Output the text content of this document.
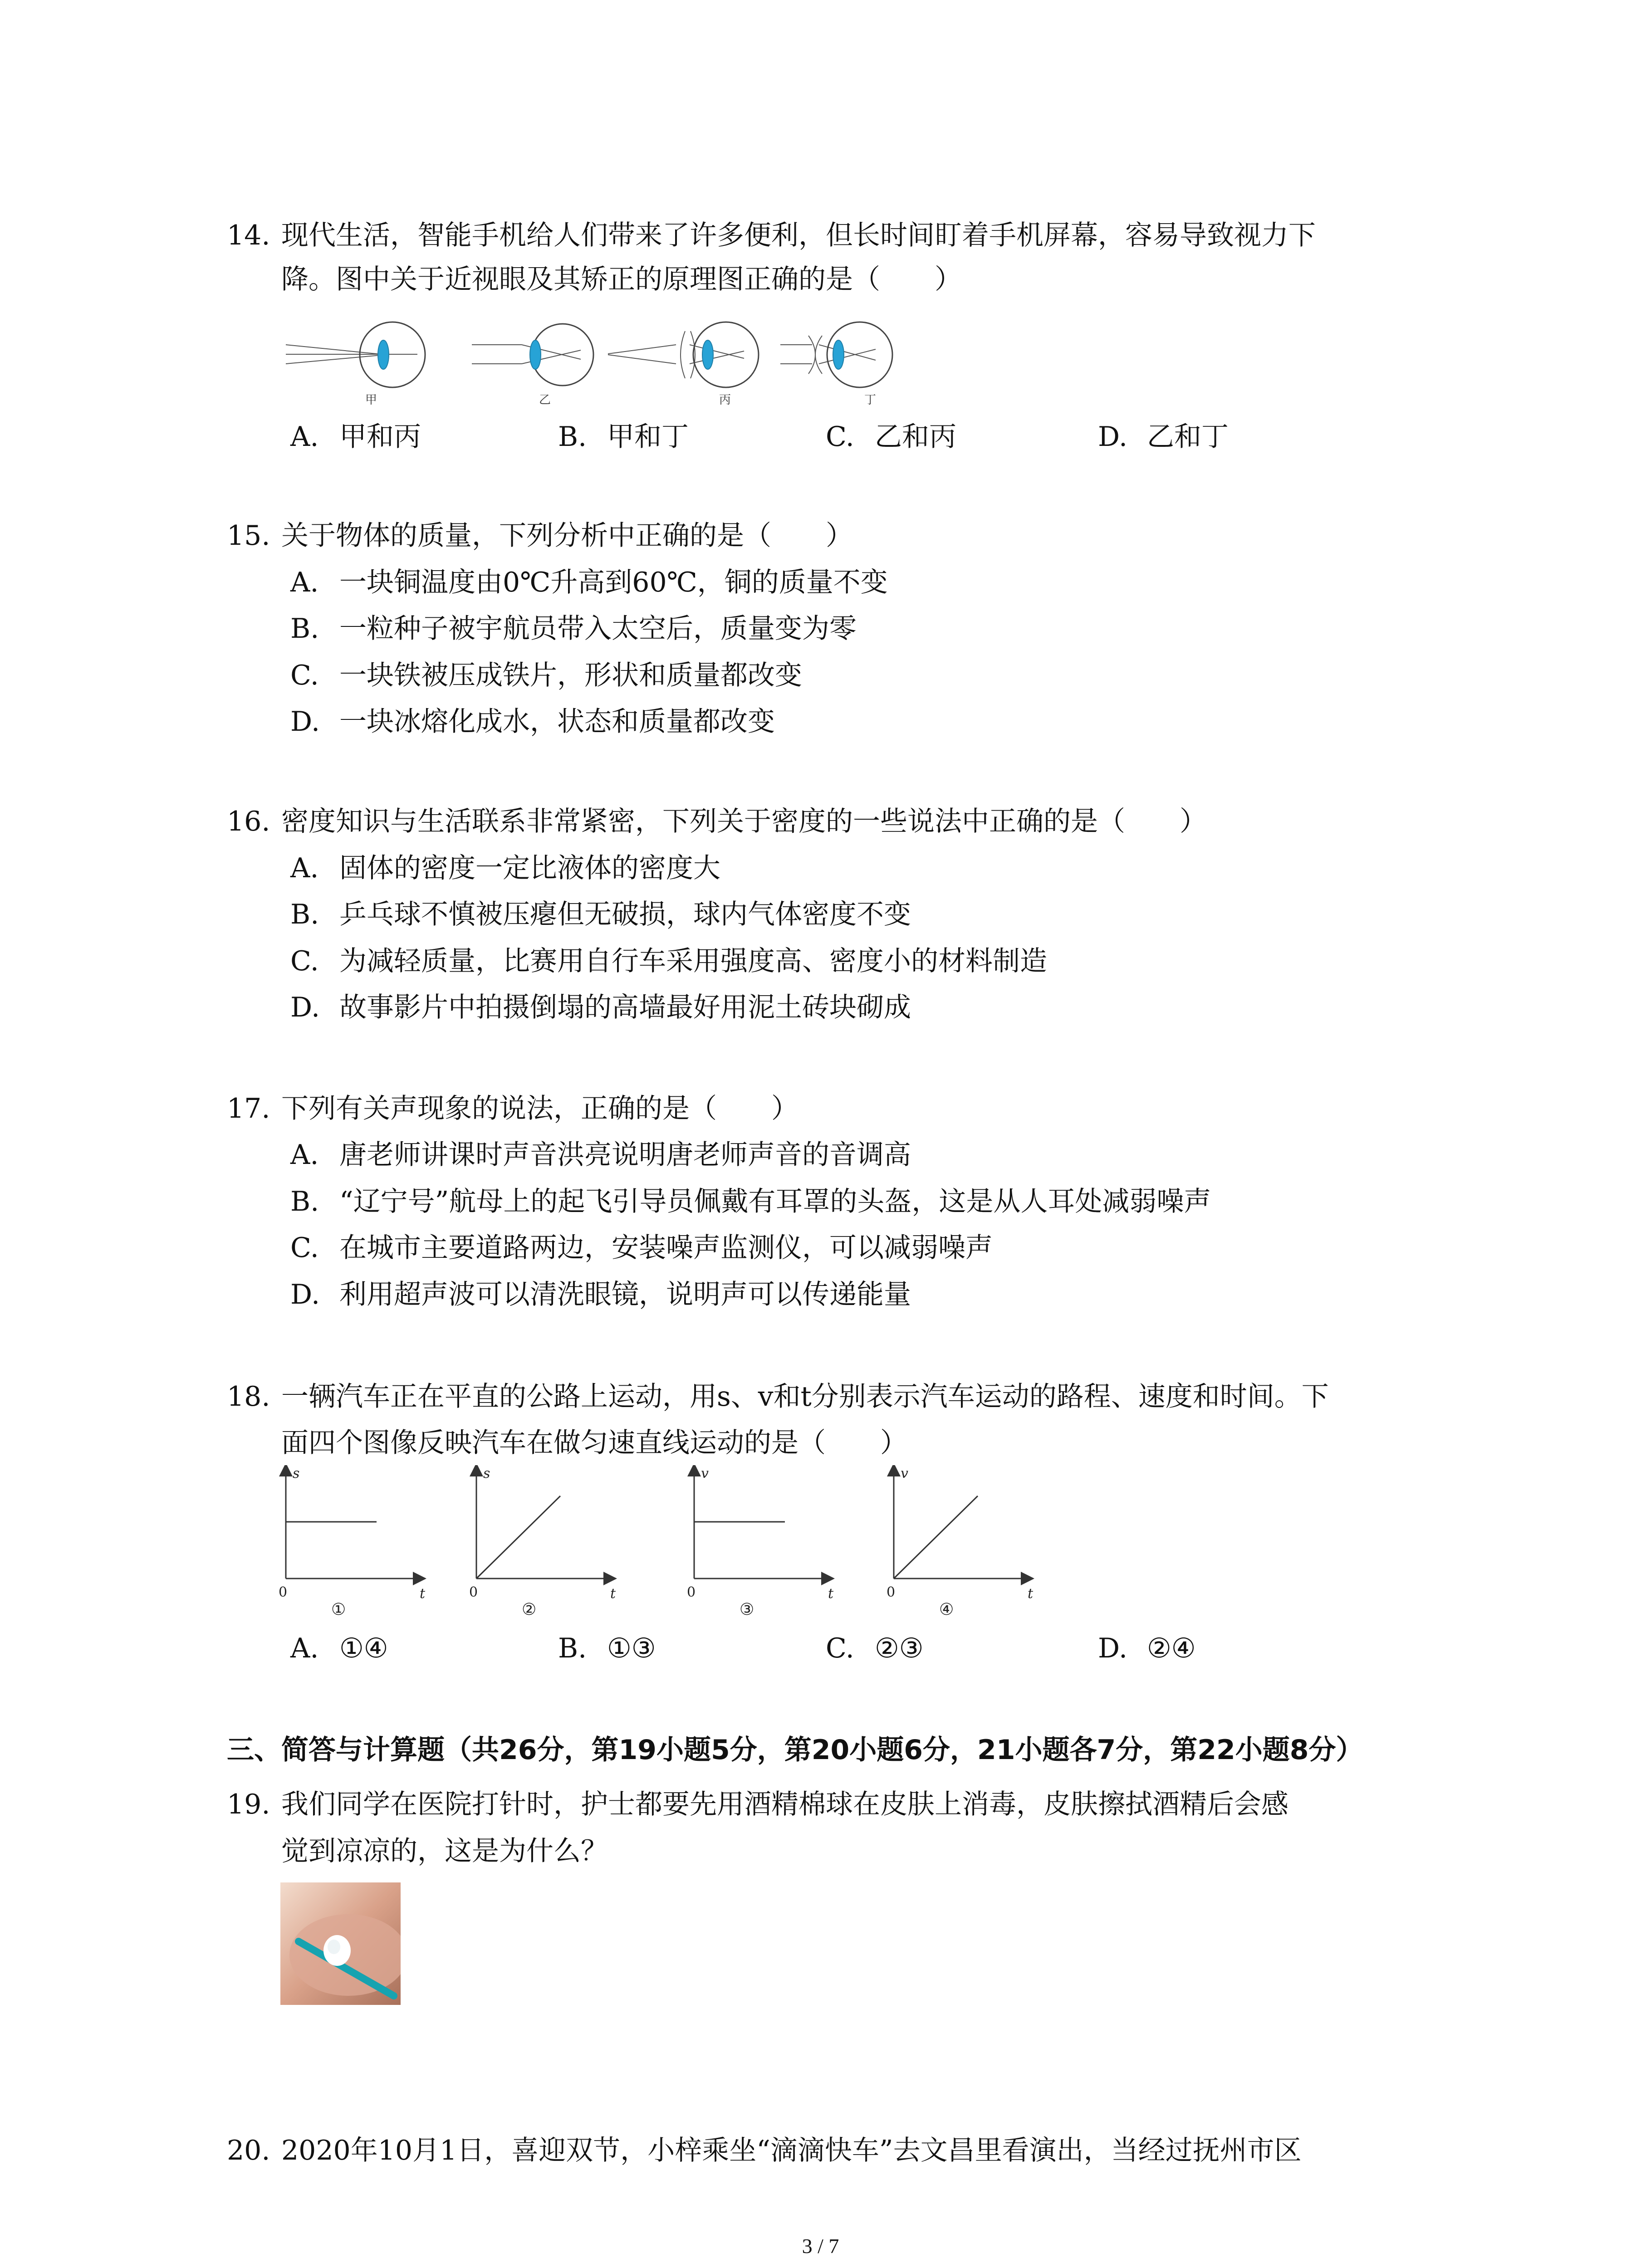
14. 现代生活，智能手机给人们带来了许多便利，但长时间盯着手机屏幕，容易导致视力下
降。图中关于近视眼及其矫正的原理图正确的是（　　）
甲	乙	丙	丁
A. 甲和丙	B. 甲和丁	C. 乙和丙	D. 乙和丁
15. 关于物体的质量，下列分析中正确的是（　　）
A. 一块铜温度由0℃升高到60℃，铜的质量不变
B. 一粒种子被宇航员带入太空后，质量变为零
C. 一块铁被压成铁片，形状和质量都改变
D. 一块冰熔化成水，状态和质量都改变
16. 密度知识与生活联系非常紧密，下列关于密度的一些说法中正确的是（　　）
A. 固体的密度一定比液体的密度大
B. 乒乓球不慎被压瘪但无破损，球内气体密度不变
C. 为减轻质量，比赛用自行车采用强度高、密度小的材料制造
D. 故事影片中拍摄倒塌的高墙最好用泥土砖块砌成
17. 下列有关声现象的说法，正确的是（　　）
A. 唐老师讲课时声音洪亮说明唐老师声音的音调高
B. “辽宁号”航母上的起飞引导员佩戴有耳罩的头盔，这是从人耳处减弱噪声
C. 在城市主要道路两边，安装噪声监测仪，可以减弱噪声
D. 利用超声波可以清洗眼镜，说明声可以传递能量
18. 一辆汽车正在平直的公路上运动，用s、v和t分别表示汽车运动的路程、速度和时间。下
面四个图像反映汽车在做匀速直线运动的是（　　）
s
t
0
①
s
t
0
②
v
t
0
③
v
t
0
④
A. ①④	B. ①③	C. ②③	D. ②④
三、简答与计算题（共26分，第19小题5分，第20小题6分，21小题各7分，第22小题8分）
19. 我们同学在医院打针时，护士都要先用酒精棉球在皮肤上消毒，皮肤擦拭酒精后会感
觉到凉凉的，这是为什么？
20. 2020年10月1日，喜迎双节，小梓乘坐“滴滴快车”去文昌里看演出，当经过抚州市区
3 / 7
